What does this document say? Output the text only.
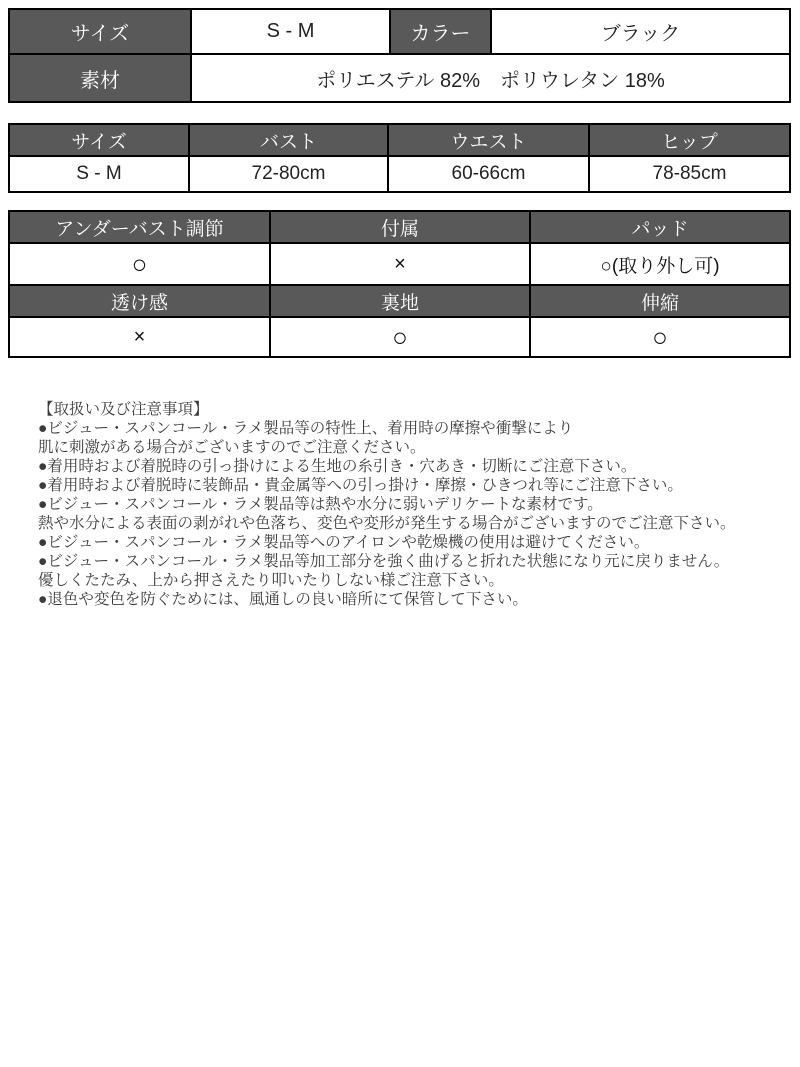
サイズ	S - M	カラー	ブラック
素材	ポリエステル 82%　ポリウレタン 18%
サイズ	バスト	ウエスト	ヒップ
S - M	72-80cm	60-66cm	78-85cm
アンダーバスト調節	付属	パッド
○	×	○(取り外し可)
透け感	裏地	伸縮
×	○	○
【取扱い及び注意事項】
●ビジュー・スパンコール・ラメ製品等の特性上、着用時の摩擦や衝撃により
肌に刺激がある場合がございますのでご注意ください。
●着用時および着脱時の引っ掛けによる生地の糸引き・穴あき・切断にご注意下さい。
●着用時および着脱時に装飾品・貴金属等への引っ掛け・摩擦・ひきつれ等にご注意下さい。
●ビジュー・スパンコール・ラメ製品等は熱や水分に弱いデリケートな素材です。
熱や水分による表面の剥がれや色落ち、変色や変形が発生する場合がございますのでご注意下さい。
●ビジュー・スパンコール・ラメ製品等へのアイロンや乾燥機の使用は避けてください。
●ビジュー・スパンコール・ラメ製品等加工部分を強く曲げると折れた状態になり元に戻りません。
優しくたたみ、上から押さえたり叩いたりしない様ご注意下さい。
●退色や変色を防ぐためには、風通しの良い暗所にて保管して下さい。
